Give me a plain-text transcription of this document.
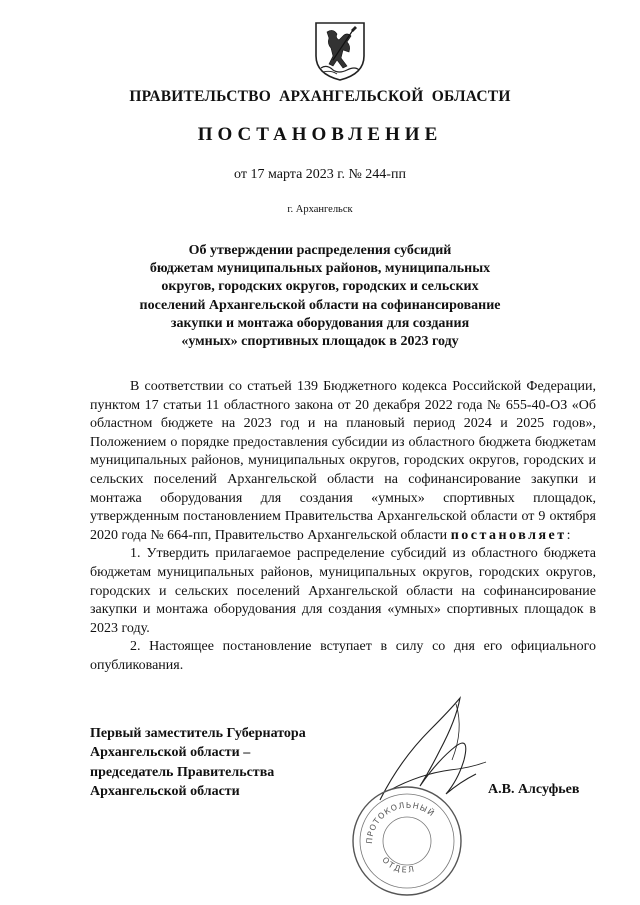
ПРАВИТЕЛЬСТВО  АРХАНГЕЛЬСКОЙ  ОБЛАСТИ
ПОСТАНОВЛЕНИЕ
от 17 марта 2023 г. № 244-пп
г. Архангельск
Об утверждении распределения субсидий
бюджетам муниципальных районов, муниципальных
округов, городских округов, городских и сельских
поселений Архангельской области на софинансирование
закупки и монтажа оборудования для создания
«умных» спортивных площадок в 2023 году

В соответствии со статьей 139 Бюджетного кодекса Российской Федерации, пунктом 17 статьи 11 областного закона от 20 декабря 2022 года № 655-40-ОЗ «Об областном бюджете на 2023 год и на плановый период 2024 и 2025 годов», Положением о порядке предоставления субсидии из областного бюджета бюджетам муниципальных районов, муниципальных округов, городских округов, городских и сельских поселений Архангельской области на софинансирование закупки и монтажа оборудования для создания «умных» спортивных площадок, утвержденным постановлением Правительства Архангельской области от 9 октября 2020 года № 664-пп, Правительство Архангельской области постановляет:

1. Утвердить прилагаемое распределение субсидий из областного бюджета бюджетам муниципальных районов, муниципальных округов, городских округов, городских и сельских поселений Архангельской области на софинансирование закупки и монтажа оборудования для создания «умных» спортивных площадок в 2023 году.

2. Настоящее постановление вступает в силу со дня его официального опубликования.

Первый заместитель Губернатора
Архангельской области –
председатель Правительства
Архангельской области	А.В. Алсуфьев
ПРОТОКОЛЬНЫЙ
ОТДЕЛ
